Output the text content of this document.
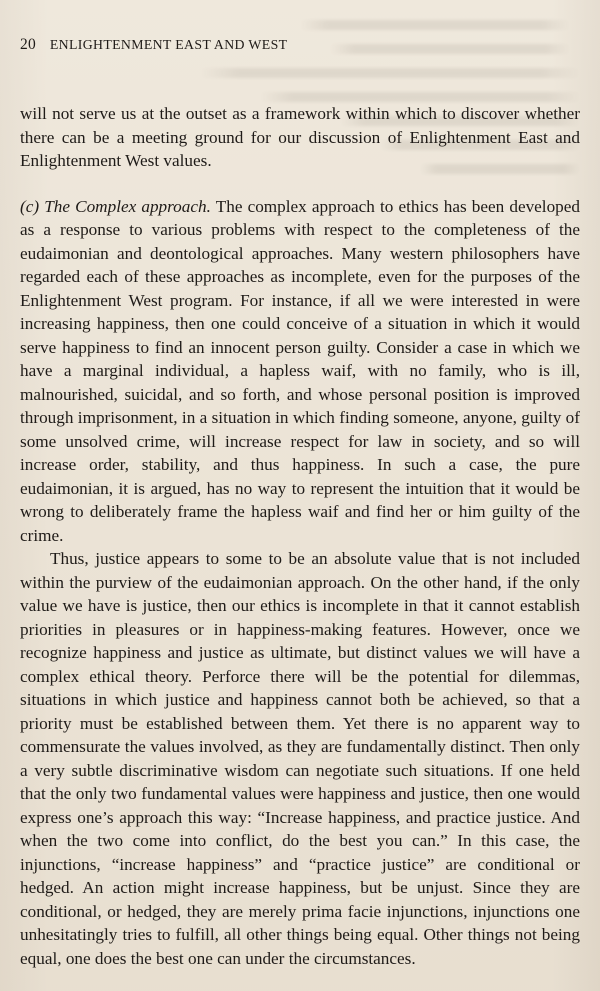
20 ENLIGHTENMENT EAST AND WEST

will not serve us at the outset as a framework within which to discover whether there can be a meeting ground for our discussion of Enlightenment East and Enlightenment West values.

(c) The Complex approach. The complex approach to ethics has been developed as a response to various problems with respect to the completeness of the eudaimonian and deontological approaches. Many western philosophers have regarded each of these approaches as incomplete, even for the purposes of the Enlightenment West program. For instance, if all we were interested in were increasing happiness, then one could conceive of a situation in which it would serve happiness to find an innocent person guilty. Consider a case in which we have a marginal individual, a hapless waif, with no family, who is ill, malnourished, suicidal, and so forth, and whose personal position is improved through imprisonment, in a situation in which finding someone, anyone, guilty of some unsolved crime, will increase respect for law in society, and so will increase order, stability, and thus happiness. In such a case, the pure eudaimonian, it is argued, has no way to represent the intuition that it would be wrong to deliberately frame the hapless waif and find her or him guilty of the crime.

Thus, justice appears to some to be an absolute value that is not included within the purview of the eudaimonian approach. On the other hand, if the only value we have is justice, then our ethics is incomplete in that it cannot establish priorities in pleasures or in happiness-making features. However, once we recognize happiness and justice as ultimate, but distinct values we will have a complex ethical theory. Perforce there will be the potential for dilemmas, situations in which justice and happiness cannot both be achieved, so that a priority must be established between them. Yet there is no apparent way to commensurate the values involved, as they are fundamentally distinct. Then only a very subtle discriminative wisdom can negotiate such situations. If one held that the only two fundamental values were happiness and justice, then one would express one’s approach this way: “Increase happiness, and practice justice. And when the two come into conflict, do the best you can.” In this case, the injunctions, “increase happiness” and “practice justice” are conditional or hedged. An action might increase happiness, but be unjust. Since they are conditional, or hedged, they are merely prima facie injunctions, injunctions one unhesitatingly tries to fulfill, all other things being equal. Other things not being equal, one does the best one can under the circumstances.
